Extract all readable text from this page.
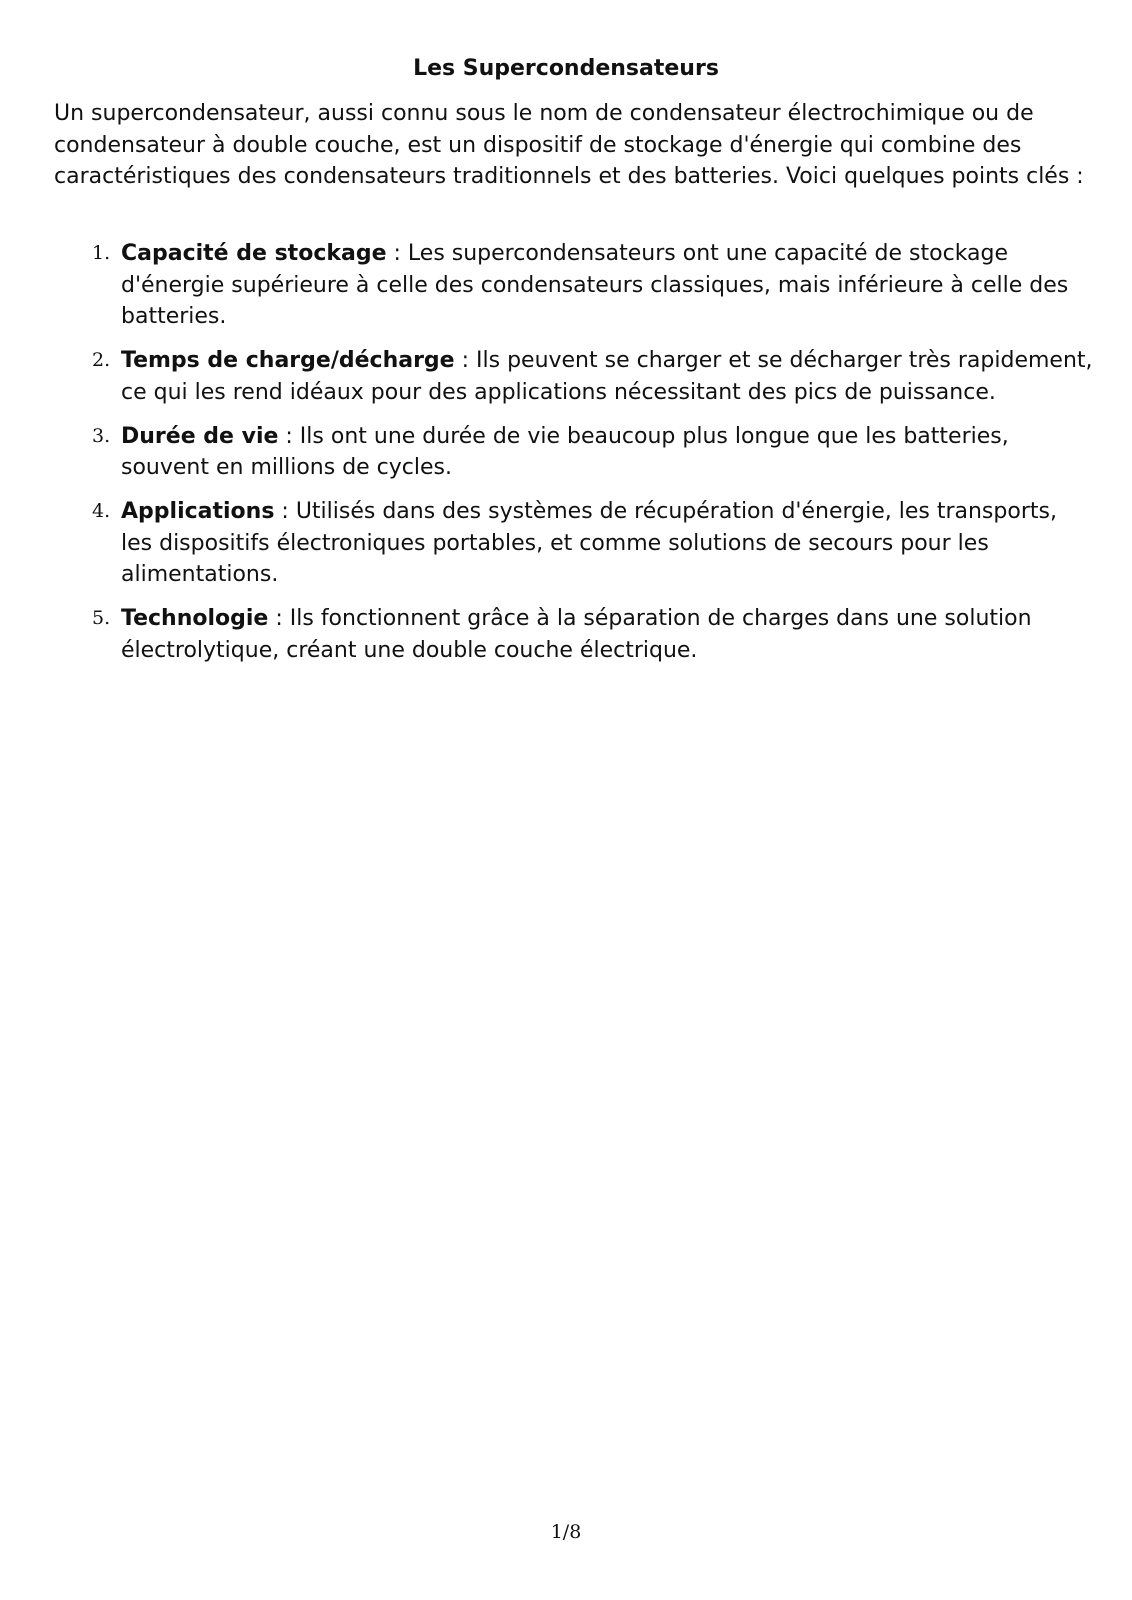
Les Supercondensateurs

Un supercondensateur, aussi connu sous le nom de condensateur électrochimique ou de condensateur à double couche, est un dispositif de stockage d'énergie qui combine des caractéristiques des condensateurs traditionnels et des batteries. Voici quelques points clés :

1. Capacité de stockage : Les supercondensateurs ont une capacité de stockage d'énergie supérieure à celle des condensateurs classiques, mais inférieure à celle des batteries.
2. Temps de charge/décharge : Ils peuvent se charger et se décharger très rapidement, ce qui les rend idéaux pour des applications nécessitant des pics de puissance.
3. Durée de vie : Ils ont une durée de vie beaucoup plus longue que les batteries, souvent en millions de cycles.
4. Applications : Utilisés dans des systèmes de récupération d'énergie, les transports, les dispositifs électroniques portables, et comme solutions de secours pour les alimentations.
5. Technologie : Ils fonctionnent grâce à la séparation de charges dans une solution électrolytique, créant une double couche électrique.
1/8
